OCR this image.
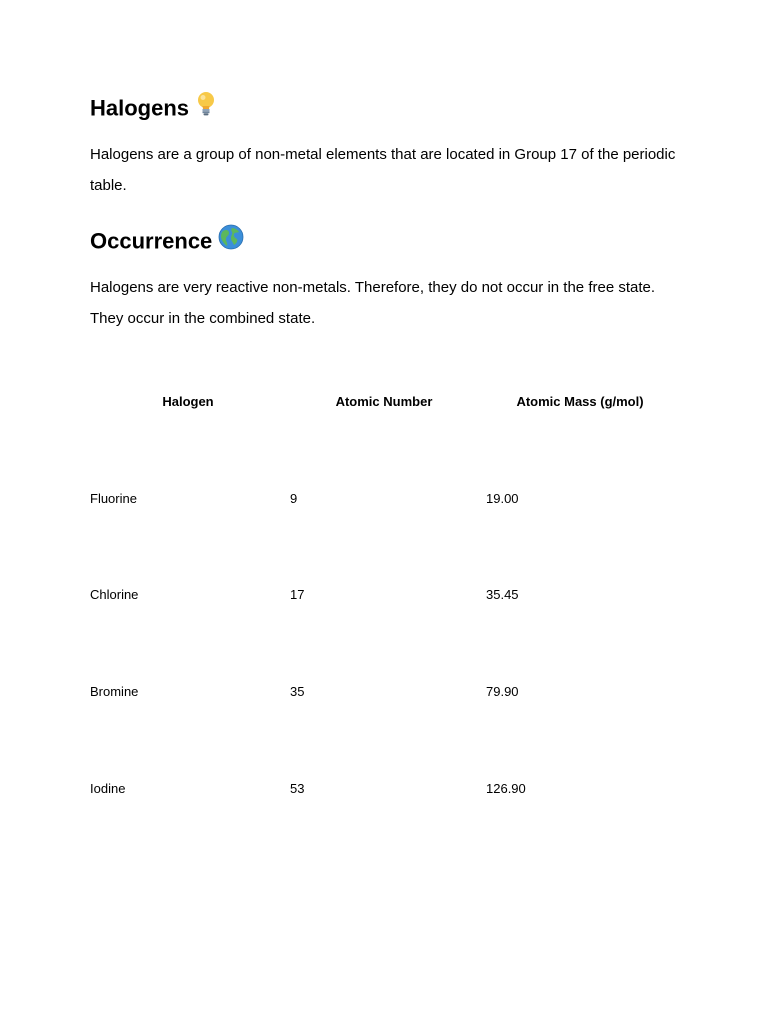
Halogens

Halogens are a group of non-metal elements that are located in Group 17 of the periodic table.

Occurrence

Halogens are very reactive non-metals. Therefore, they do not occur in the free state. They occur in the combined state.

Halogen	Atomic Number	Atomic Mass (g/mol)
Fluorine	9	19.00
Chlorine	17	35.45
Bromine	35	79.90
Iodine	53	126.90
